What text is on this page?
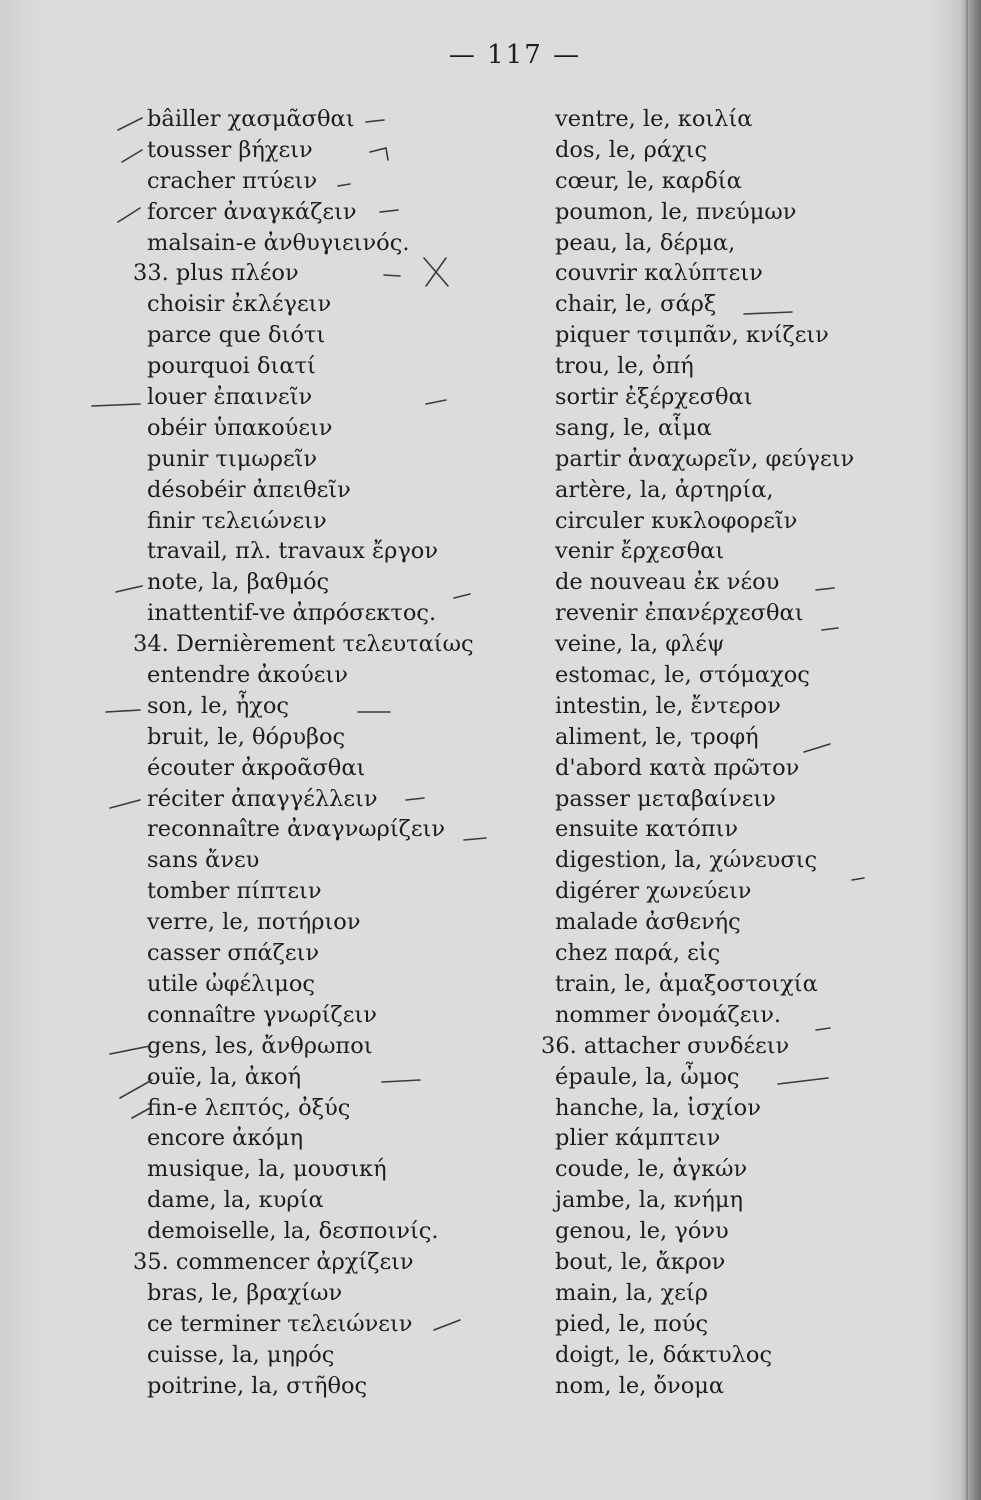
— 117 —
bâiller χασμᾶσθαι
tousser βήχειν
cracher πτύειν
forcer ἀναγκάζειν
malsain-e ἀνθυγιεινός.
33. plus πλέον
choisir ἐκλέγειν
parce que διότι
pourquoi διατί
louer ἐπαινεῖν
obéir ὑπακούειν
punir τιμωρεῖν
désobéir ἀπειθεῖν
finir τελειώνειν
travail, πλ. travaux ἔργον
note, la, βαθμός
inattentif-ve ἀπρόσεκτος.
34. Dernièrement τελευταίως
entendre ἀκούειν
son, le, ἦχος
bruit, le, θόρυβος
écouter ἀκροᾶσθαι
réciter ἀπαγγέλλειν
reconnaître ἀναγνωρίζειν
sans ἄνευ
tomber πίπτειν
verre, le, ποτήριον
casser σπάζειν
utile ὠφέλιμος
connaître γνωρίζειν
gens, les, ἄνθρωποι
ouïe, la, ἀκοή
fin-e λεπτός, ὀξύς
encore ἀκόμη
musique, la, μουσική
dame, la, κυρία
demoiselle, la, δεσποινίς.
35. commencer ἀρχίζειν
bras, le, βραχίων
ce terminer τελειώνειν
cuisse, la, μηρός
poitrine, la, στῆθος
ventre, le, κοιλία
dos, le, ράχις
cœur, le, καρδία
poumon, le, πνεύμων
peau, la, δέρμα,
couvrir καλύπτειν
chair, le, σάρξ
piquer τσιμπᾶν, κνίζειν
trou, le, ὀπή
sortir ἐξέρχεσθαι
sang, le, αἷμα
partir ἀναχωρεῖν, φεύγειν
artère, la, ἀρτηρία,
circuler κυκλοφορεῖν
venir ἔρχεσθαι
de nouveau ἐκ νέου
revenir ἐπανέρχεσθαι
veine, la, φλέψ
estomac, le, στόμαχος
intestin, le, ἔντερον
aliment, le, τροφή
d'abord κατὰ πρῶτον
passer μεταβαίνειν
ensuite κατόπιν
digestion, la, χώνευσις
digérer χωνεύειν
malade ἀσθενής
chez παρά, εἰς
train, le, ἁμαξοστοιχία
nommer ὀνομάζειν.
36. attacher συνδέειν
épaule, la, ὦμος
hanche, la, ἰσχίον
plier κάμπτειν
coude, le, ἀγκών
jambe, la, κνήμη
genou, le, γόνυ
bout, le, ἄκρον
main, la, χείρ
pied, le, πούς
doigt, le, δάκτυλος
nom, le, ὄνομα
